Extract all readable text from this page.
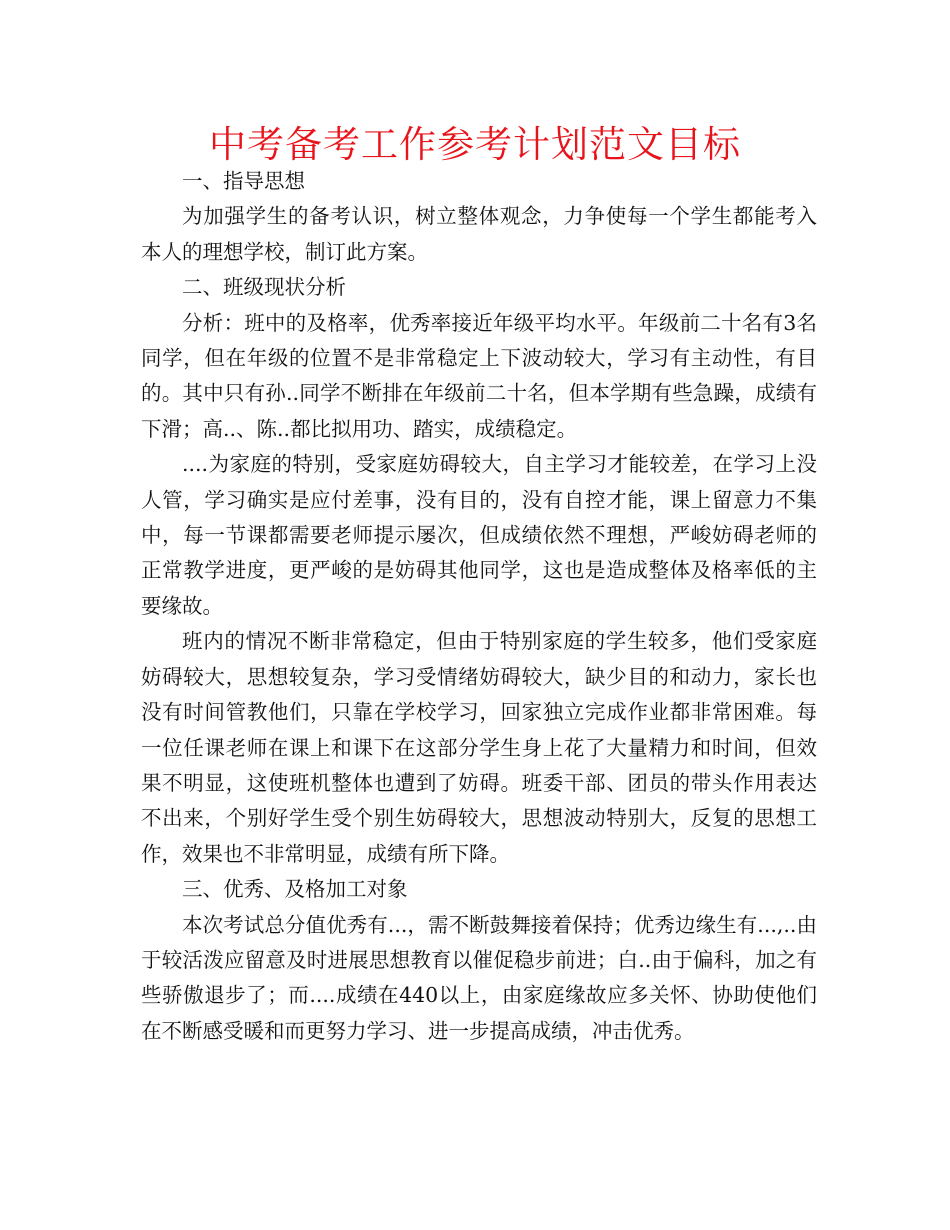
中考备考工作参考计划范文目标

一、指导思想

为加强学生的备考认识，树立整体观念，力争使每一个学生都能考入本人的理想学校，制订此方案。

二、班级现状分析

分析：班中的及格率，优秀率接近年级平均水平。年级前二十名有3名同学，但在年级的位置不是非常稳定上下波动较大，学习有主动性，有目的。其中只有孙..同学不断排在年级前二十名，但本学期有些急躁，成绩有下滑；高..、陈..都比拟用功、踏实，成绩稳定。

....为家庭的特别，受家庭妨碍较大，自主学习才能较差，在学习上没人管，学习确实是应付差事，没有目的，没有自控才能，课上留意力不集中，每一节课都需要老师提示屡次，但成绩依然不理想，严峻妨碍老师的正常教学进度，更严峻的是妨碍其他同学，这也是造成整体及格率低的主要缘故。

班内的情况不断非常稳定，但由于特别家庭的学生较多，他们受家庭妨碍较大，思想较复杂，学习受情绪妨碍较大，缺少目的和动力，家长也没有时间管教他们，只靠在学校学习，回家独立完成作业都非常困难。每一位任课老师在课上和课下在这部分学生身上花了大量精力和时间，但效果不明显，这使班机整体也遭到了妨碍。班委干部、团员的带头作用表达不出来，个别好学生受个别生妨碍较大，思想波动特别大，反复的思想工作，效果也不非常明显，成绩有所下降。

三、优秀、及格加工对象

本次考试总分值优秀有...，需不断鼓舞接着保持；优秀边缘生有...,..由于较活泼应留意及时进展思想教育以催促稳步前进；白..由于偏科，加之有些骄傲退步了；而....成绩在440以上，由家庭缘故应多关怀、协助使他们在不断感受暖和而更努力学习、进一步提高成绩，冲击优秀。
